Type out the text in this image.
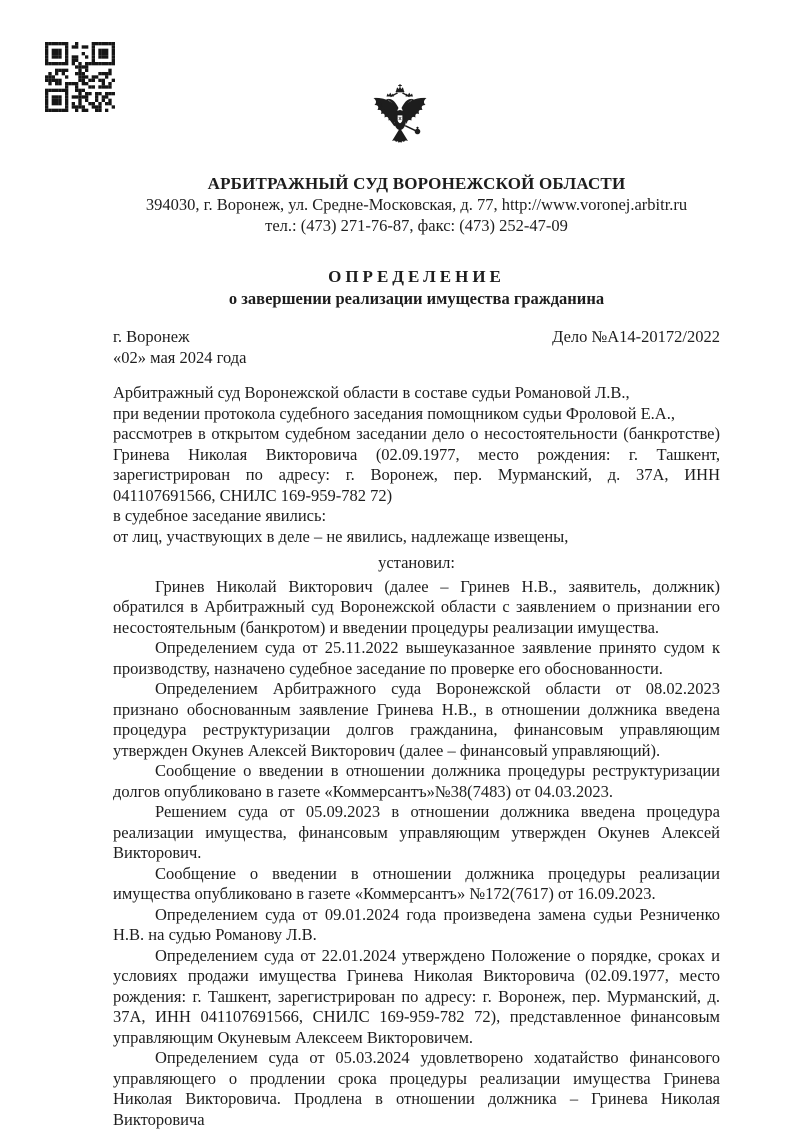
АРБИТРАЖНЫЙ СУД ВОРОНЕЖСКОЙ ОБЛАСТИ
394030, г. Воронеж, ул. Средне-Московская, д. 77, http://www.voronej.arbitr.ru
тел.: (473) 271-76-87, факс: (473) 252-47-09
ОПРЕДЕЛЕНИЕ
о завершении реализации имущества гражданина
г. Воронеж	Дело №А14-20172/2022
«02» мая 2024 года
Арбитражный суд Воронежской области в составе судьи Романовой Л.В.,
при ведении протокола судебного заседания помощником судьи Фроловой Е.А.,
рассмотрев в открытом судебном заседании дело о несостоятельности (банкротстве) Гринева Николая Викторовича (02.09.1977, место рождения: г. Ташкент, зарегистрирован по адресу: г. Воронеж, пер. Мурманский, д. 37А, ИНН 041107691566, СНИЛС 169-959-782 72)
в судебное заседание явились:
от лиц, участвующих в деле – не явились, надлежаще извещены,
установил:

Гринев Николай Викторович (далее – Гринев Н.В., заявитель, должник) обратился в Арбитражный суд Воронежской области с заявлением о признании его несостоятельным (банкротом) и введении процедуры реализации имущества.

Определением суда от 25.11.2022 вышеуказанное заявление принято судом к производству, назначено судебное заседание по проверке его обоснованности.

Определением Арбитражного суда Воронежской области от 08.02.2023 признано обоснованным заявление Гринева Н.В., в отношении должника введена процедура реструктуризации долгов гражданина, финансовым управляющим утвержден Окунев Алексей Викторович (далее – финансовый управляющий).

Сообщение о введении в отношении должника процедуры реструктуризации долгов опубликовано в газете «Коммерсантъ»№38(7483) от 04.03.2023.

Решением суда от 05.09.2023 в отношении должника введена процедура реализации имущества, финансовым управляющим утвержден Окунев Алексей Викторович.

Сообщение о введении в отношении должника процедуры реализации имущества опубликовано в газете «Коммерсантъ» №172(7617) от 16.09.2023.

Определением суда от 09.01.2024 года произведена замена судьи Резниченко Н.В. на судью Романову Л.В.

Определением суда от 22.01.2024 утверждено Положение о порядке, сроках и условиях продажи имущества Гринева Николая Викторовича (02.09.1977, место рождения: г. Ташкент, зарегистрирован по адресу: г. Воронеж, пер. Мурманский, д. 37А, ИНН 041107691566, СНИЛС 169-959-782 72), представленное финансовым управляющим Окуневым Алексеем Викторовичем.

Определением суда от 05.03.2024 удовлетворено ходатайство финансового управляющего о продлении срока процедуры реализации имущества Гринева Николая Викторовича. Продлена в отношении должника – Гринева Николая Викторовича
